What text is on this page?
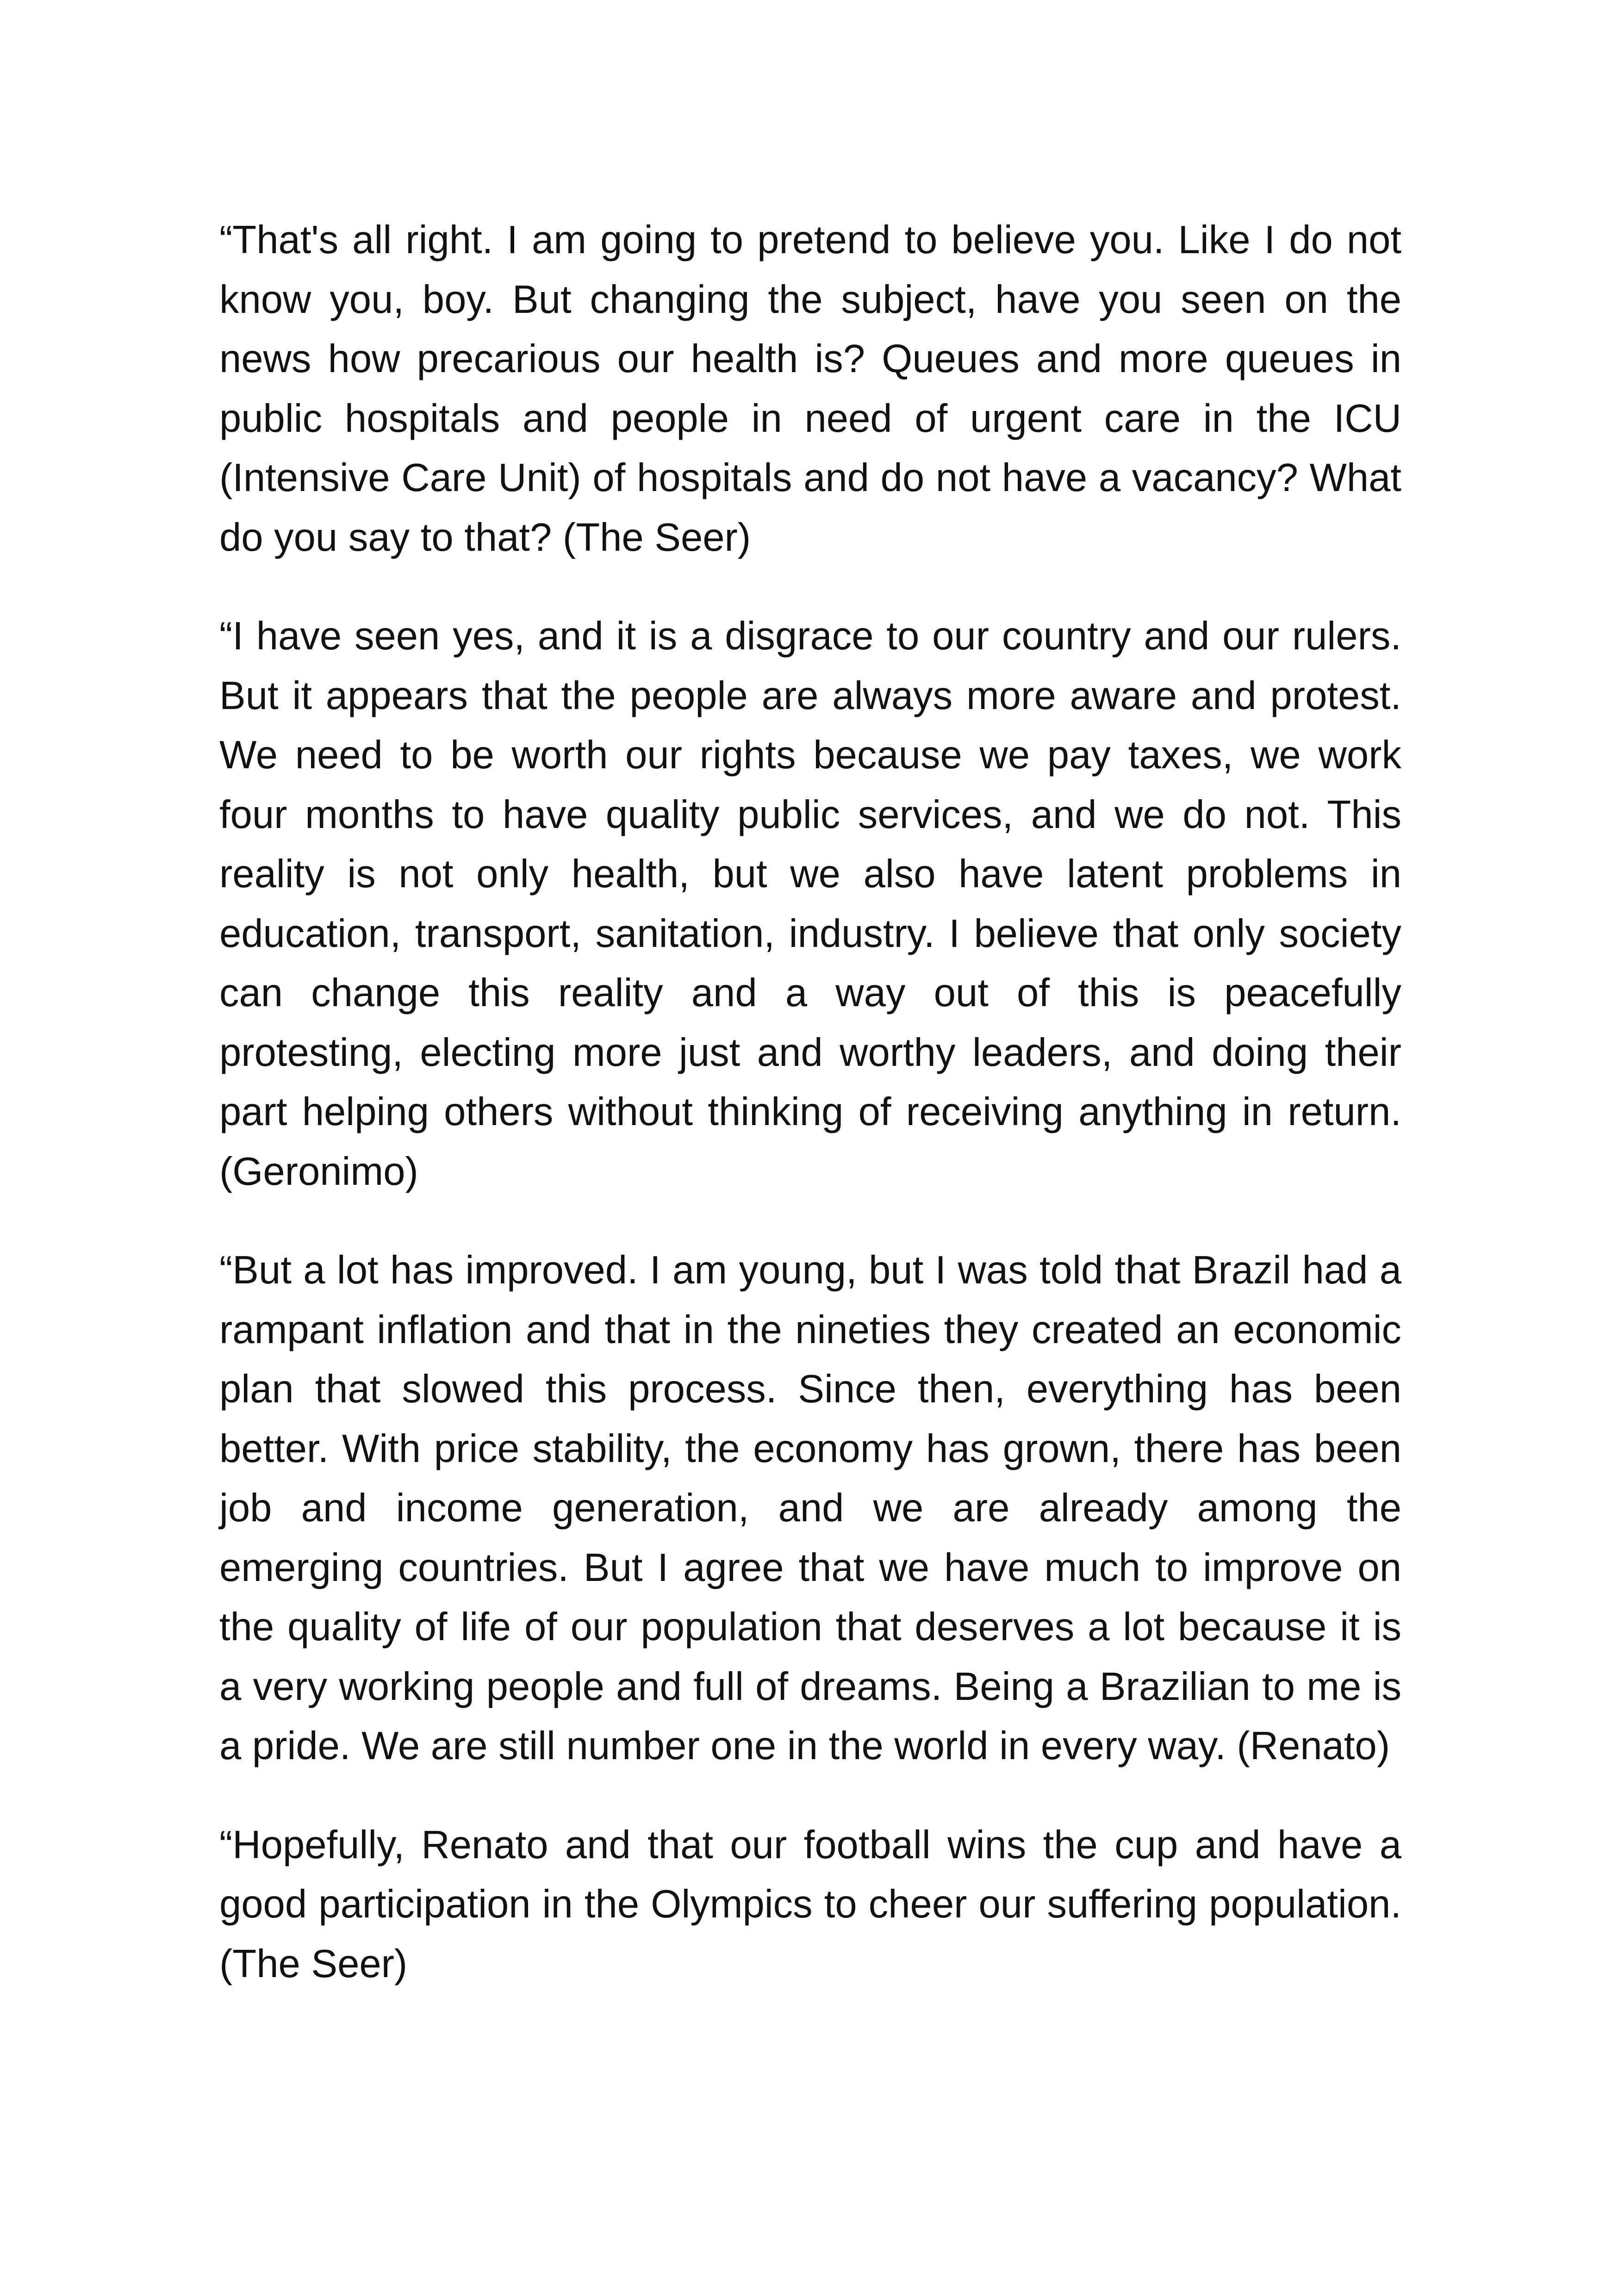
“That's all right. I am going to pretend to believe you. Like I do not know you, boy. But changing the subject, have you seen on the news how precarious our health is? Queues and more queues in public hospitals and people in need of urgent care in the ICU (Intensive Care Unit) of hospitals and do not have a vacancy? What do you say to that? (The Seer)

“I have seen yes, and it is a disgrace to our country and our rulers. But it appears that the people are always more aware and protest. We need to be worth our rights because we pay taxes, we work four months to have quality public services, and we do not. This reality is not only health, but we also have latent problems in education, transport, sanitation, industry. I believe that only society can change this reality and a way out of this is peacefully protesting, electing more just and worthy leaders, and doing their part helping others without thinking of receiving anything in return. (Geronimo)

“But a lot has improved. I am young, but I was told that Brazil had a rampant inflation and that in the nineties they created an economic plan that slowed this process. Since then, everything has been better. With price stability, the economy has grown, there has been job and income generation, and we are already among the emerging countries. But I agree that we have much to improve on the quality of life of our population that deserves a lot because it is a very working people and full of dreams. Being a Brazilian to me is a pride. We are still number one in the world in every way. (Renato)

“Hopefully, Renato and that our football wins the cup and have a good participation in the Olympics to cheer our suffering population. (The Seer)
